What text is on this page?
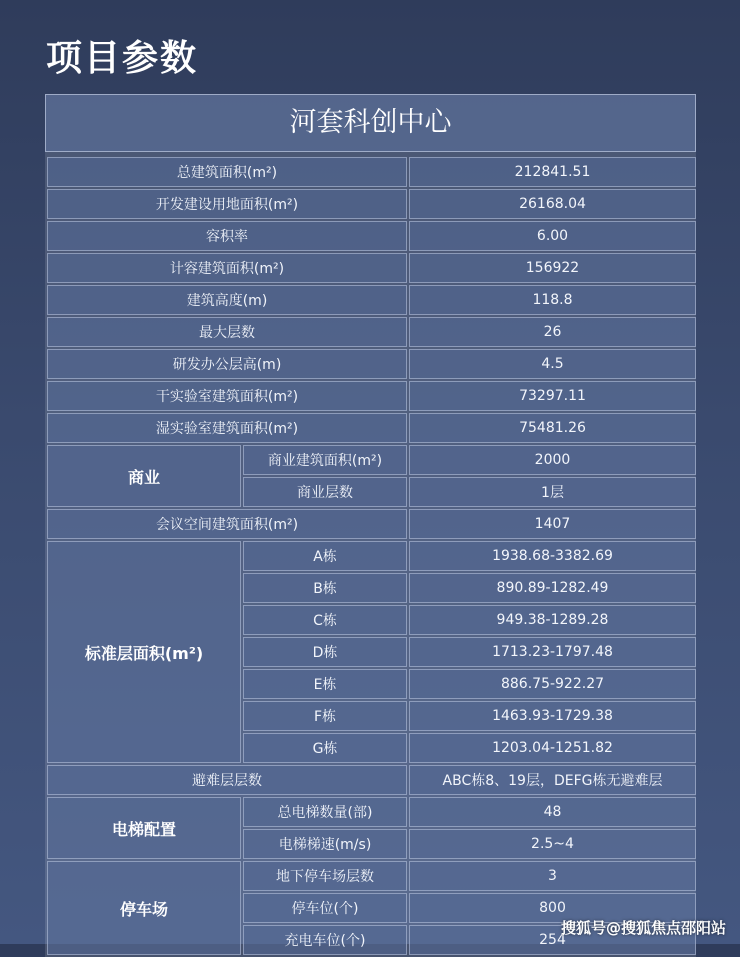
项目参数
河套科创中心
总建筑面积(m²)		212841.51
开发建设用地面积(m²)		26168.04
容积率		6.00
计容建筑面积(m²)		156922
建筑高度(m)		118.8
最大层数		26
研发办公层高(m)		4.5
干实验室建筑面积(m²)		73297.11
湿实验室建筑面积(m²)		75481.26
商业	商业建筑面积(m²)	2000
	商业层数	1层
会议空间建筑面积(m²)		1407
标准层面积(m²)	A栋	1938.68-3382.69
	B栋	890.89-1282.49
	C栋	949.38-1289.28
	D栋	1713.23-1797.48
	E栋	886.75-922.27
	F栋	1463.93-1729.38
	G栋	1203.04-1251.82
避难层层数		ABC栋8、19层，DEFG栋无避难层
电梯配置	总电梯数量(部)	48
	电梯梯速(m/s)	2.5~4
停车场	地下停车场层数	3
	停车位(个)	800
	充电车位(个)	254
搜狐号@搜狐焦点邵阳站
